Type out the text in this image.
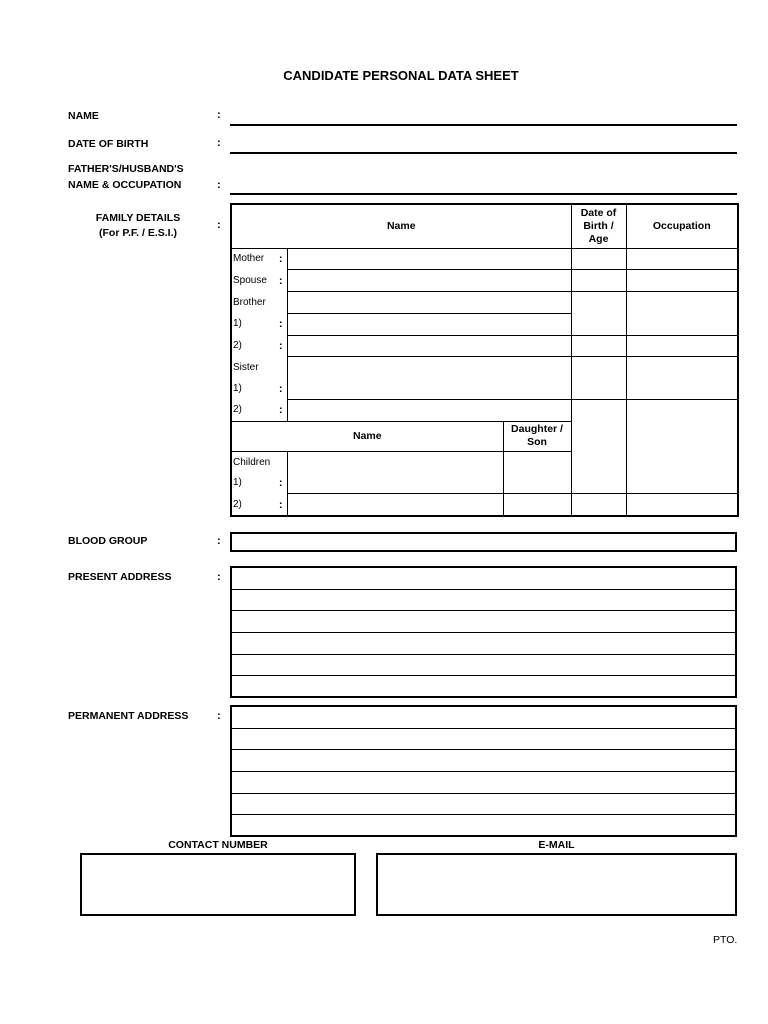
CANDIDATE PERSONAL DATA SHEET
NAME	:
DATE OF BIRTH	:
FATHER'S/HUSBAND'S
NAME & OCCUPATION	:
FAMILY DETAILS
(For P.F. / E.S.I.)
:	Name			Date of
Birth /
Age	Occupation
Mother :				

Spouse :				

Brother				
1) :				

2) :				

Sister				
1) :				

2) :				

Name		Daughter /
Son		

Children				
1) :				

2) :				

BLOOD GROUP	:
PRESENT ADDRESS	:
PERMANENT ADDRESS	:
CONTACT NUMBER	E-MAIL
PTO.
